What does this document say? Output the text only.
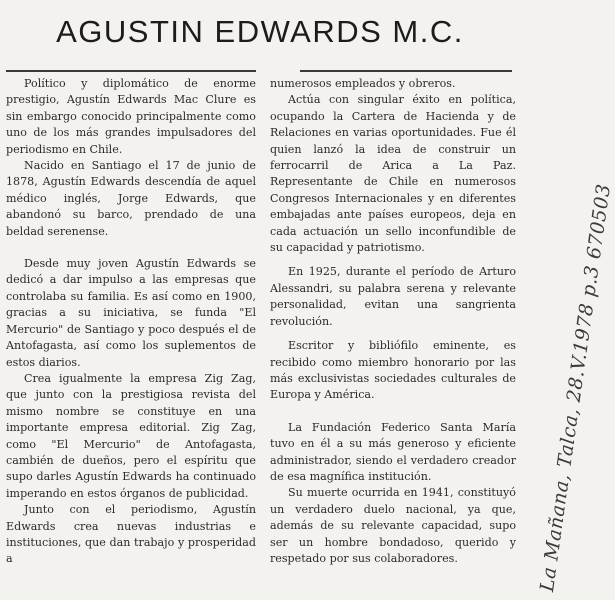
AGUSTIN EDWARDS M.C.

Político y diplomático de enorme prestigio, Agustín Edwards Mac Clure es sin embargo conocido principalmente como uno de los más grandes impulsadores del periodismo en Chile.

Nacido en Santiago el 17 de junio de 1878, Agustín Edwards descendía de aquel médico inglés, Jorge Edwards, que abandonó su barco, prendado de una beldad serenense.

Desde muy joven Agustín Edwards se dedicó a dar impulso a las empresas que controlaba su familia. Es así como en 1900, gracias a su iniciativa, se funda "El Mercurio" de Santiago y poco después el de Antofagasta, así como los suplementos de estos diarios.

Crea igualmente la empresa Zig Zag, que junto con la prestigiosa revista del mismo nombre se constituye en una importante empresa editorial. Zig Zag, como "El Mercurio" de Antofagasta, cambién de dueños, pero el espíritu que supo darles Agustín Edwards ha continuado imperando en estos órganos de publicidad.

Junto con el periodismo, Agustín Edwards crea nuevas industrias e instituciones, que dan trabajo y prosperidad a

numerosos empleados y obreros.

Actúa con singular éxito en política, ocupando la Cartera de Hacienda y de Relaciones en varias oportunidades. Fue él quien lanzó la idea de construir un ferrocarril de Arica a La Paz. Representante de Chile en numerosos Congresos Internacionales y en diferentes embajadas ante países europeos, deja en cada actuación un sello inconfundible de su capacidad y patriotismo.

En 1925, durante el período de Arturo Alessandri, su palabra serena y relevante personalidad, evitan una sangrienta revolución.

Escritor y bibliófilo eminente, es recibido como miembro honorario por las más exclusivistas sociedades culturales de Europa y América.

La Fundación Federico Santa María tuvo en él a su más generoso y eficiente administrador, siendo el verdadero creador de esa magnífica institución.

Su muerte ocurrida en 1941, constituyó un verdadero duelo nacional, ya que, además de su relevante capacidad, supo ser un hombre bondadoso, querido y respetado por sus colaboradores.	La Mañana, Talca, 28.V.1978 p.3 670503
